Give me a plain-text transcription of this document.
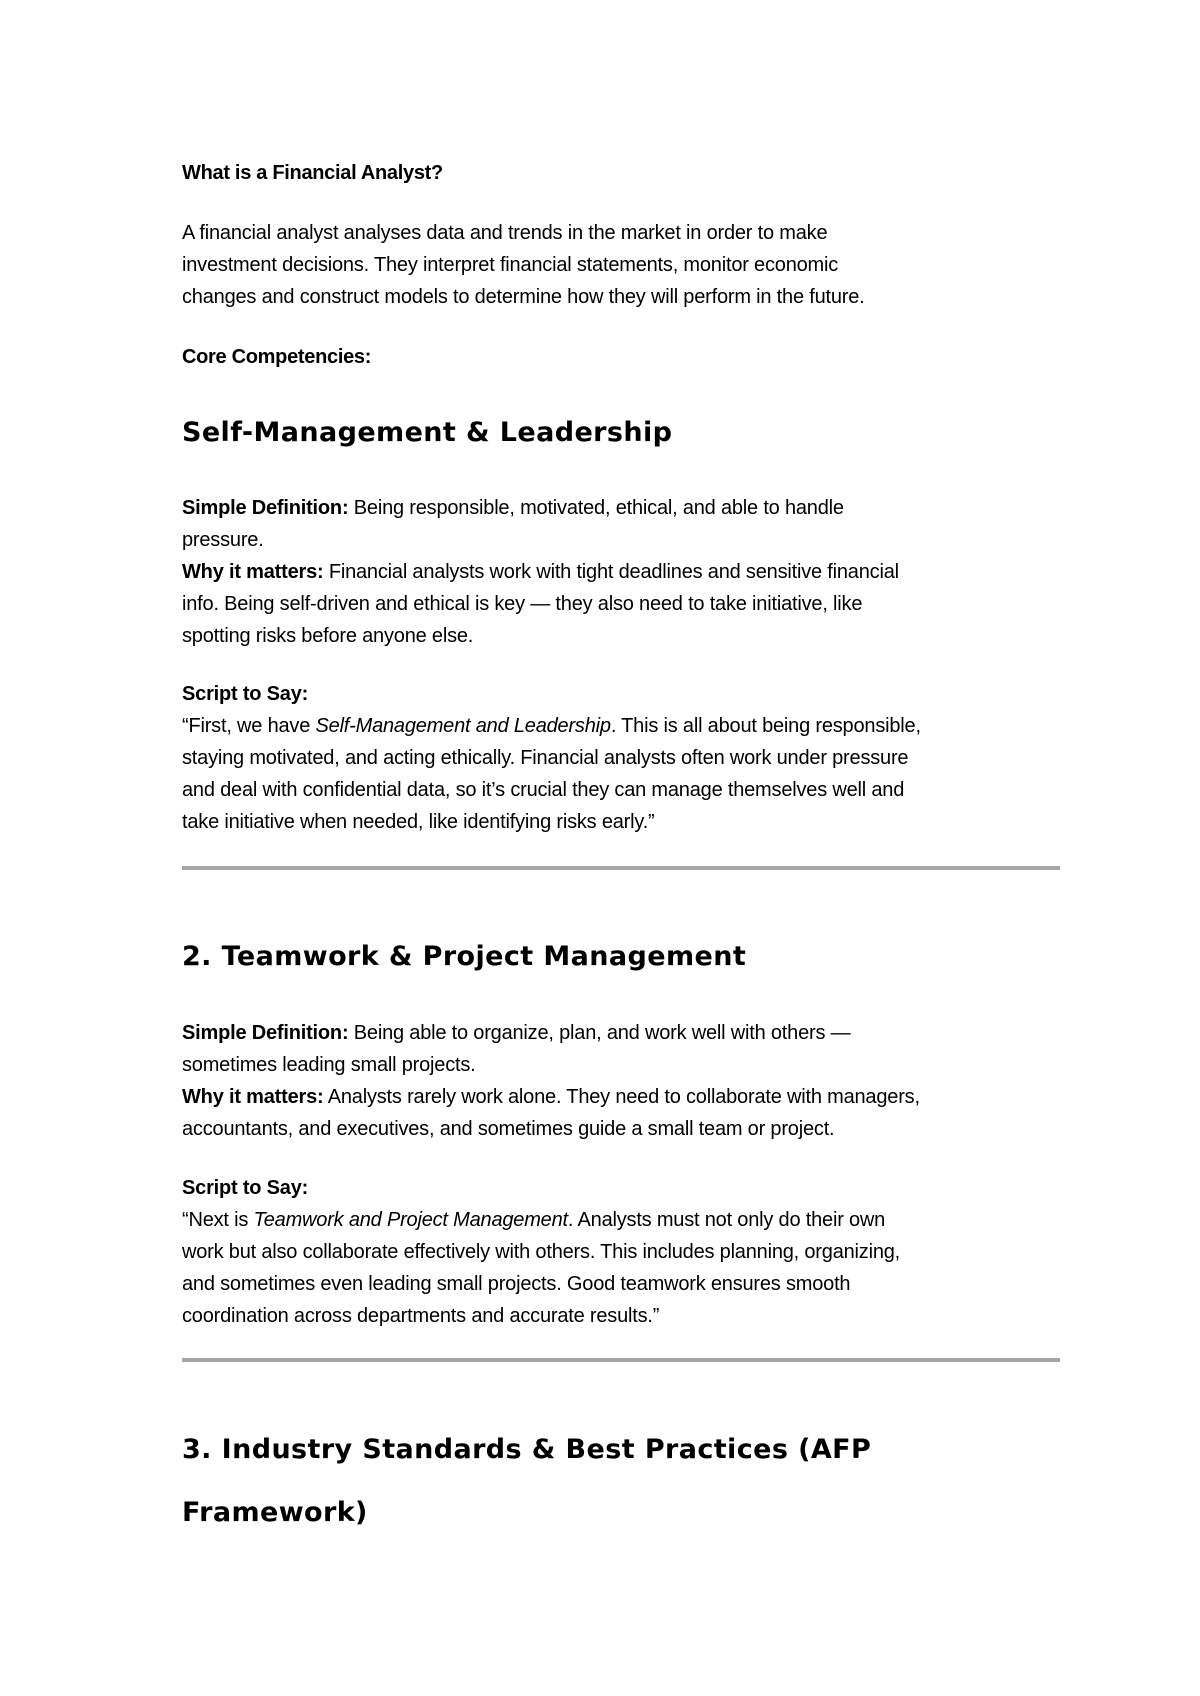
What is a Financial Analyst?
A financial analyst analyses data and trends in the market in order to make
investment decisions. They interpret financial statements, monitor economic
changes and construct models to determine how they will perform in the future.
Core Competencies:
Self-Management & Leadership
Simple Definition: Being responsible, motivated, ethical, and able to handle
pressure.
Why it matters: Financial analysts work with tight deadlines and sensitive financial
info. Being self-driven and ethical is key — they also need to take initiative, like
spotting risks before anyone else.
Script to Say:
“First, we have Self-Management and Leadership. This is all about being responsible,
staying motivated, and acting ethically. Financial analysts often work under pressure
and deal with confidential data, so it’s crucial they can manage themselves well and
take initiative when needed, like identifying risks early.”
2. Teamwork & Project Management
Simple Definition: Being able to organize, plan, and work well with others —
sometimes leading small projects.
Why it matters: Analysts rarely work alone. They need to collaborate with managers,
accountants, and executives, and sometimes guide a small team or project.
Script to Say:
“Next is Teamwork and Project Management. Analysts must not only do their own
work but also collaborate effectively with others. This includes planning, organizing,
and sometimes even leading small projects. Good teamwork ensures smooth
coordination across departments and accurate results.”
3. Industry Standards & Best Practices (AFP
Framework)
